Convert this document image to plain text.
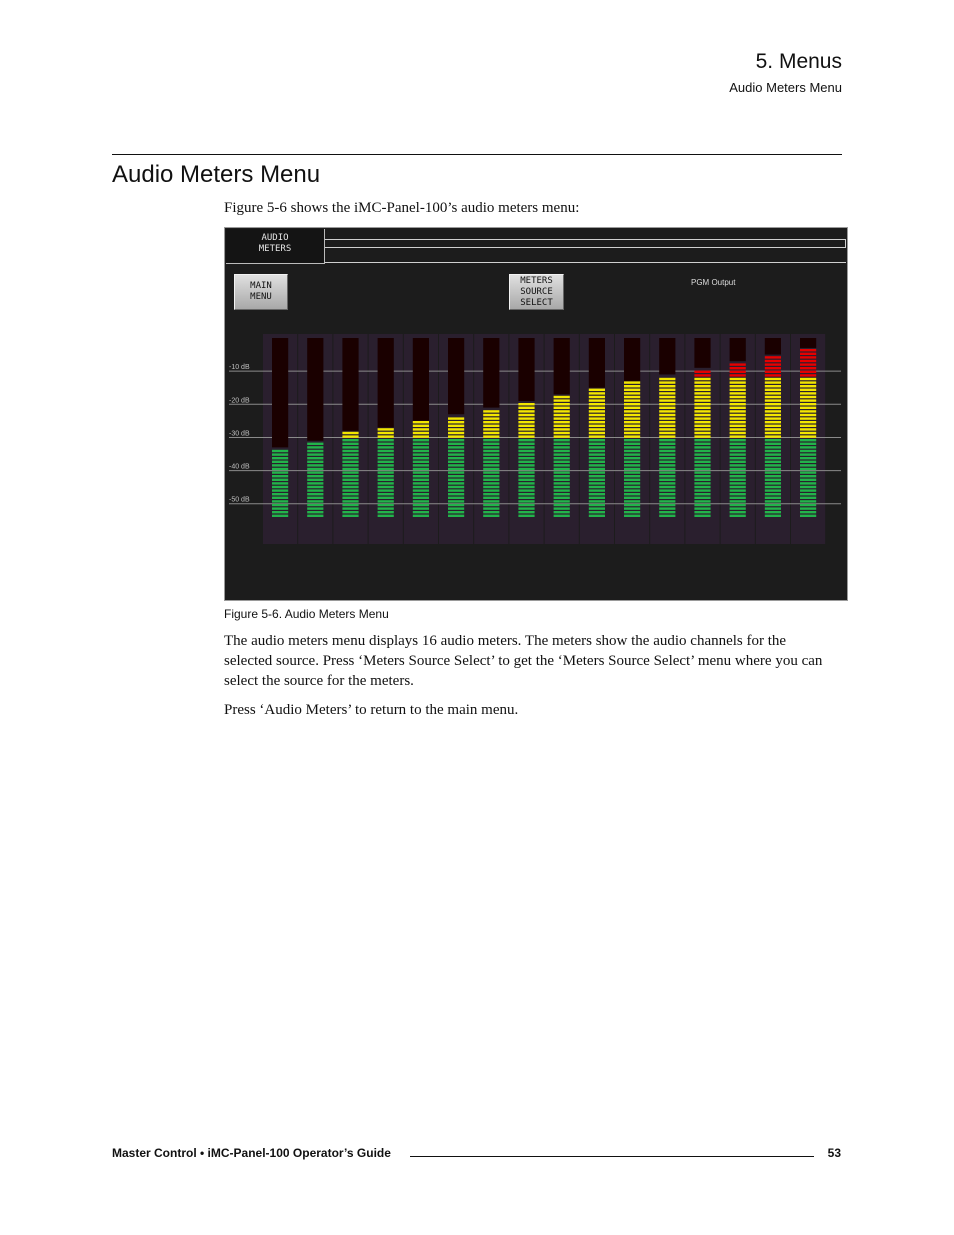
5. Menus
Audio Meters Menu
Audio Meters Menu
Figure 5-6 shows the iMC-Panel-100’s audio meters menu:
AUDIO
METERS
MAIN
MENU
METERS
SOURCE
SELECT
PGM Output
-10 dB
-20 dB
-30 dB
-40 dB
-50 dB
Figure 5-6. Audio Meters Menu
The audio meters menu displays 16 audio meters. The meters show the audio channels for the selected source. Press ‘Meters Source Select’ to get the ‘Meters Source Select’ menu where you can select the source for the meters.
Press ‘Audio Meters’ to return to the main menu.
Master Control • iMC-Panel-100 Operator’s Guide	53
